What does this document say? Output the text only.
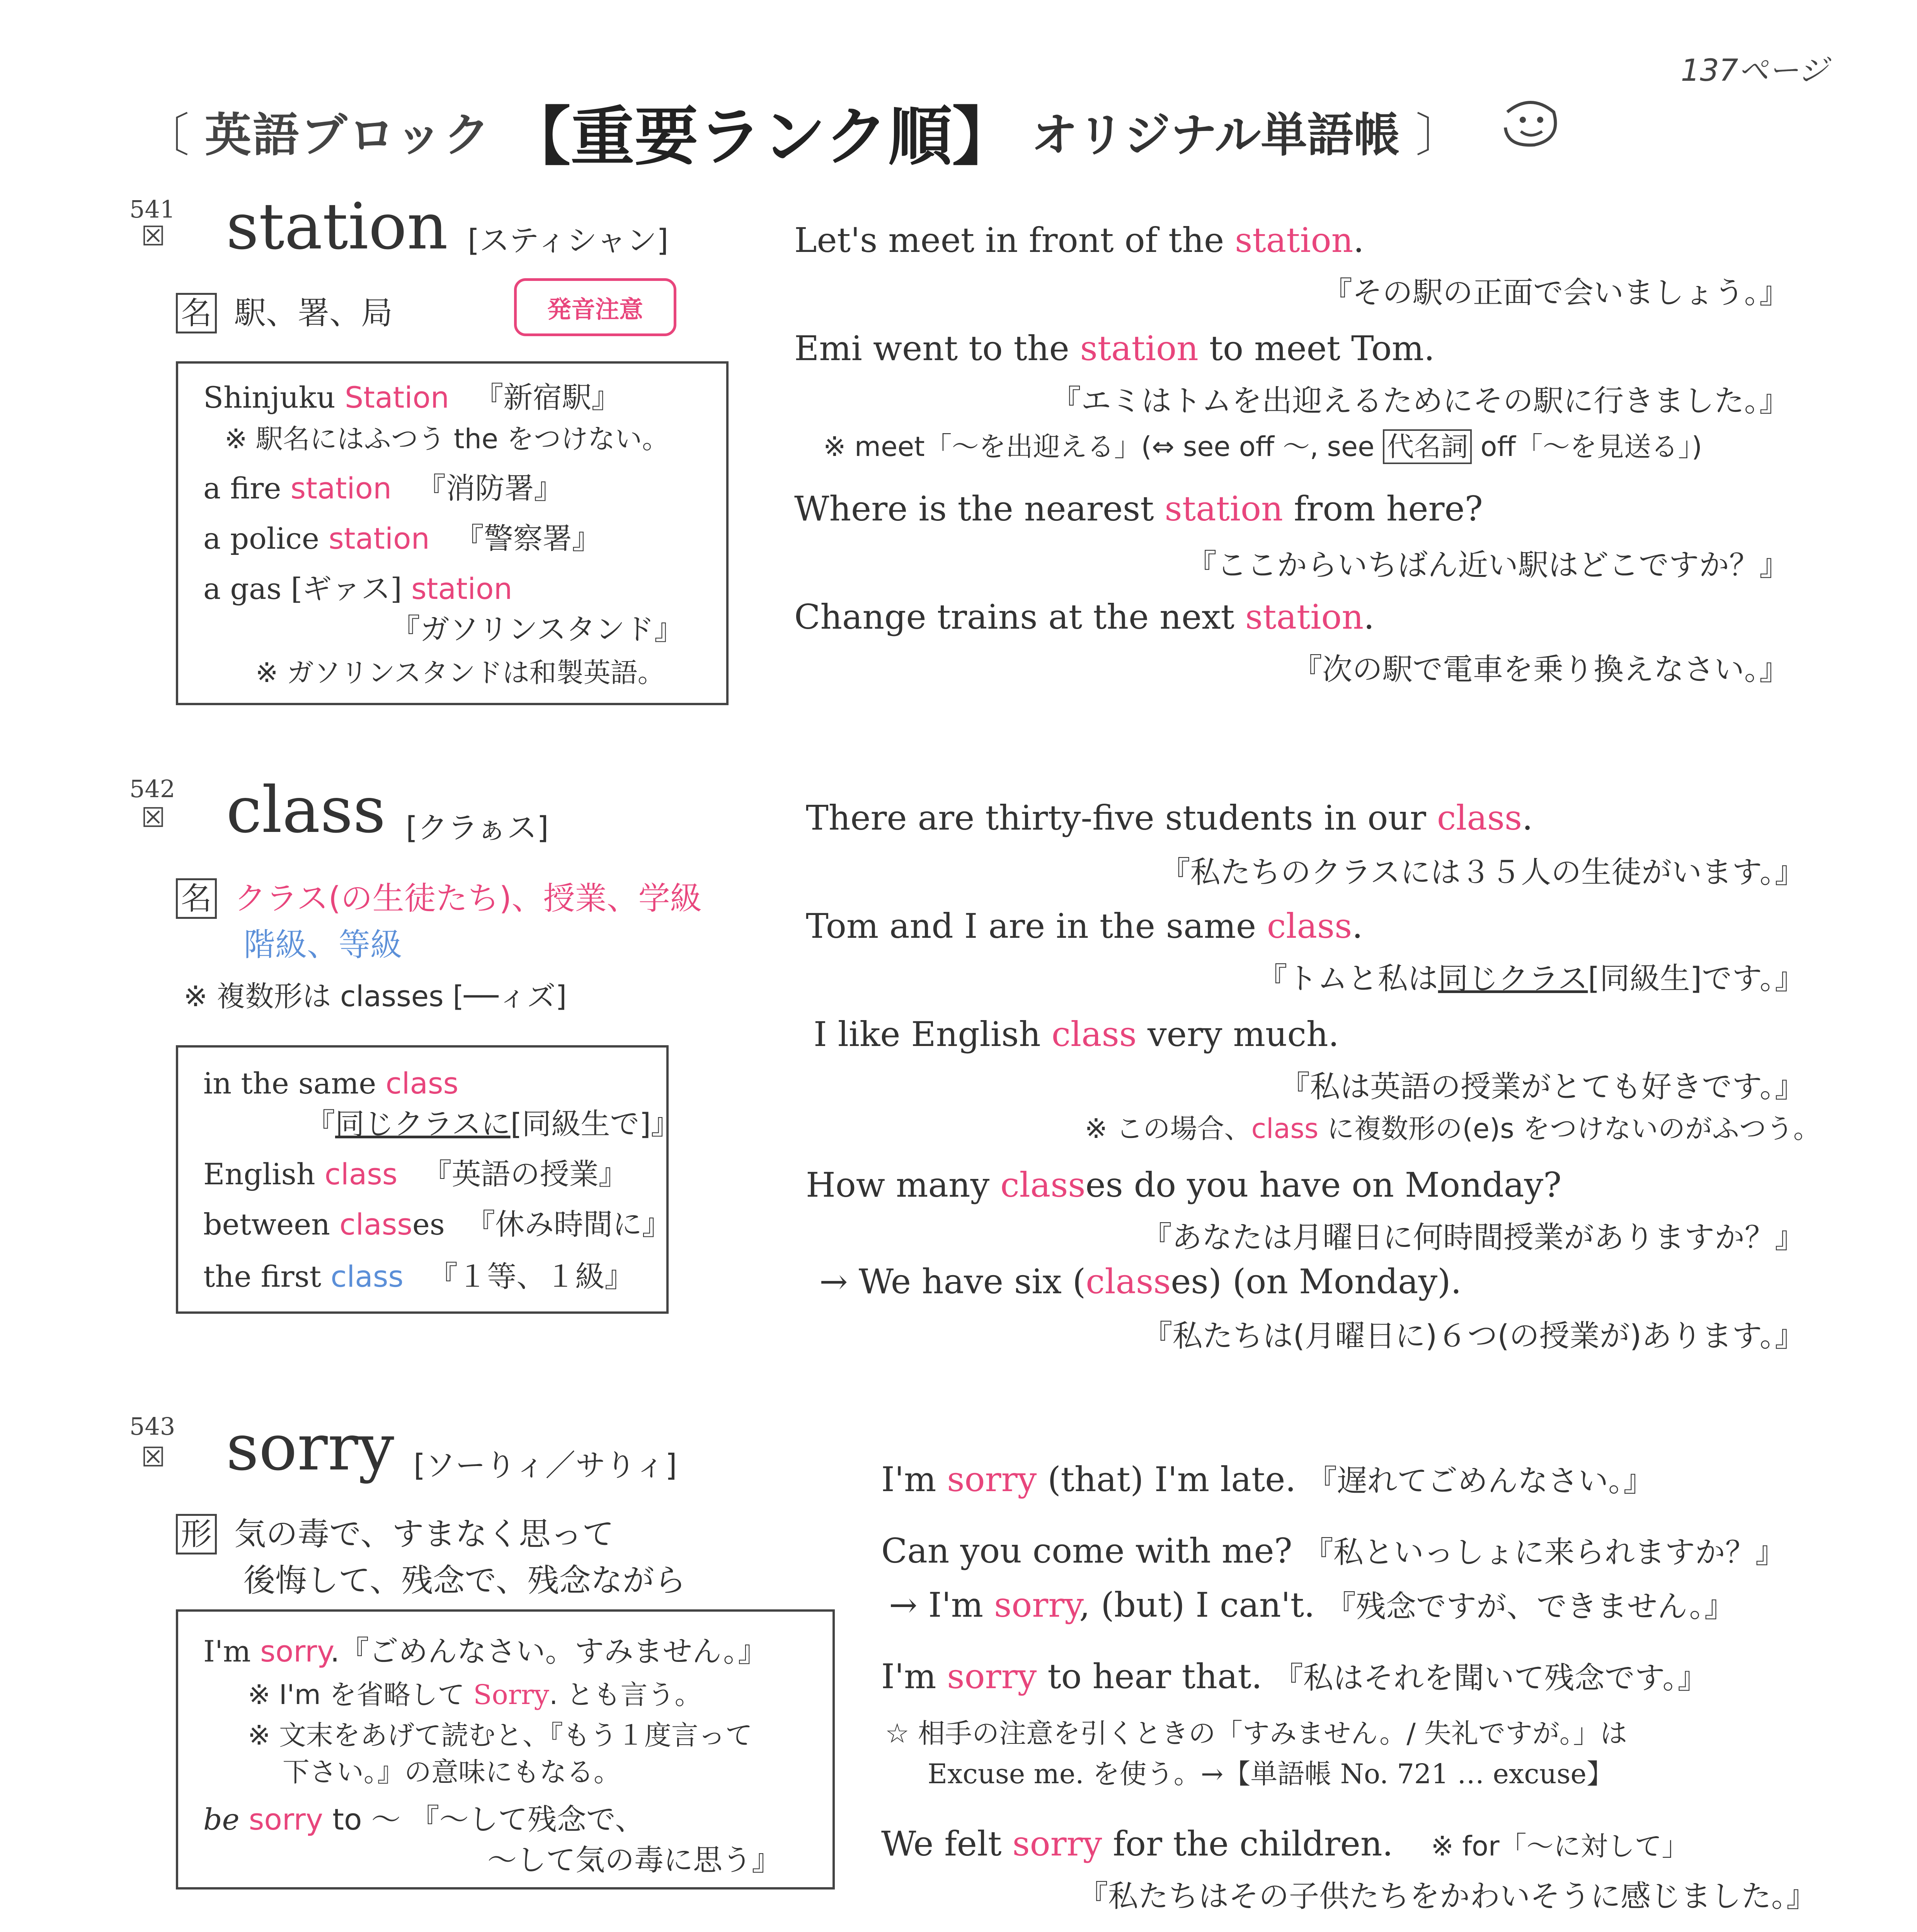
137ページ
〔 英語ブロック 【重要ランク順】 オリジナル単語帳 〕
541
☒ station [スティシャン]
名 駅、署、局	発音注意
Shinjuku Station 『新宿駅』
※ 駅名にはふつう the をつけない。
a fire station 『消防署』
a police station 『警察署』
a gas [ギァス] station
『ガソリンスタンド』
※ ガソリンスタンドは和製英語。
Let's meet in front of the station.
『その駅の正面で会いましょう。』
Emi went to the station to meet Tom.
『エミはトムを出迎えるためにその駅に行きました。』
※ meet「～を出迎える」(⇔ see off ～, see 代名詞 off「～を見送る」)
Where is the nearest station from here?
『ここからいちばん近い駅はどこですか？』
Change trains at the next station.
『次の駅で電車を乗り換えなさい。』
542
☒ class [クラぁス]
名 クラス(の生徒たち)、授業、学級
階級、等級
※ 複数形は classes [──ィズ]
in the same class
『同じクラスに[同級生で]』
English class 『英語の授業』
between classes 『休み時間に』
the first class 『１等、１級』
There are thirty-five students in our class.
『私たちのクラスには３５人の生徒がいます。』
Tom and I are in the same class.
『トムと私は同じクラス[同級生]です。』
I like English class very much.
『私は英語の授業がとても好きです。』
※ この場合、class に複数形の(e)s をつけないのがふつう。
How many classes do you have on Monday?
『あなたは月曜日に何時間授業がありますか？』
→ We have six (classes) (on Monday).
『私たちは(月曜日に)６つ(の授業が)あります。』
543
☒ sorry [ソーりィ／サりィ]
形 気の毒で、すまなく思って
後悔して、残念で、残念ながら
I'm sorry.『ごめんなさい。すみません。』
※ I'm を省略して Sorry. とも言う。
※ 文末をあげて読むと、『もう１度言って
下さい。』の意味にもなる。
be sorry to ～ 『～して残念で、
～して気の毒に思う』
I'm sorry (that) I'm late. 『遅れてごめんなさい。』
Can you come with me? 『私といっしょに来られますか？』
→ I'm sorry, (but) I can't. 『残念ですが、できません。』
I'm sorry to hear that. 『私はそれを聞いて残念です。』
☆ 相手の注意を引くときの「すみません。/ 失礼ですが。」は
Excuse me. を使う。→【単語帳 No. 721 … excuse】
We felt sorry for the children. ※ for「～に対して」
『私たちはその子供たちをかわいそうに感じました。』
